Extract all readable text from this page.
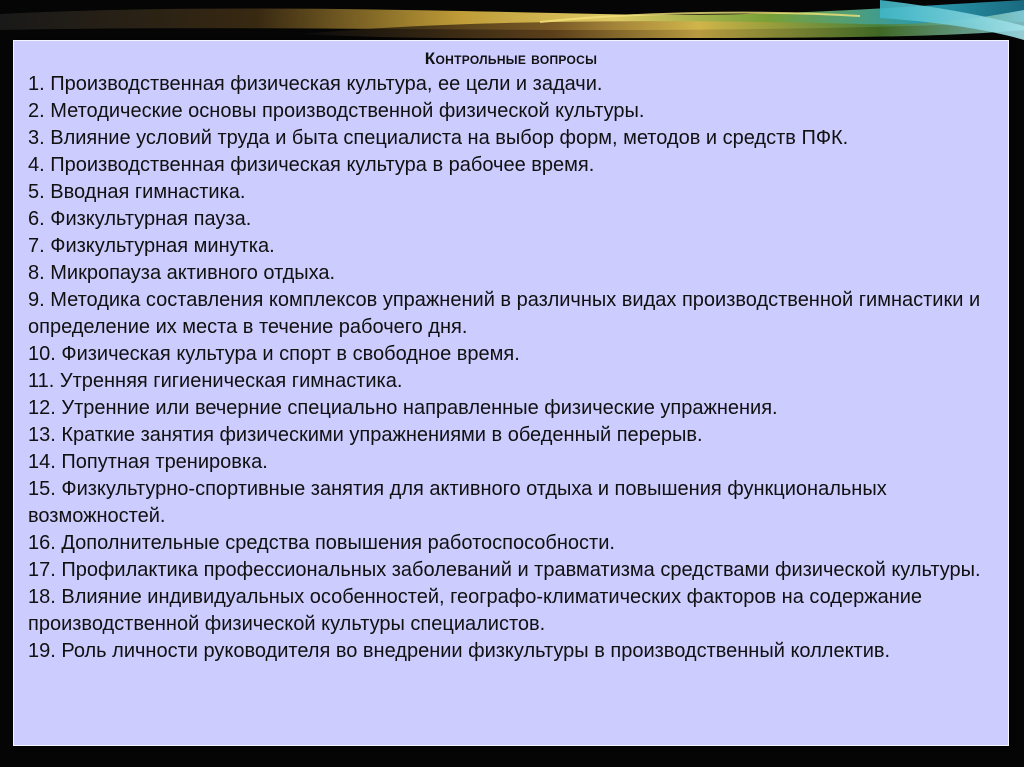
Контрольные вопросы
1. Производственная физическая культура, ее цели и задачи.
2. Методические основы производственной физической культуры.
3. Влияние условий труда и быта специалиста на выбор форм, методов и средств ПФК.
4. Производственная физическая культура в рабочее время.
5. Вводная гимнастика.
6. Физкультурная пауза.
7. Физкультурная минутка.
8. Микропауза активного отдыха.
9. Методика составления комплексов упражнений в различных видах производственной гимнастики и определение их места в течение рабочего дня.
10. Физическая культура и спорт в свободное время.
11. Утренняя гигиеническая гимнастика.
12. Утренние или вечерние специально направленные физические упражнения.
13. Краткие занятия физическими упражнениями в обеденный перерыв.
14. Попутная тренировка.
15. Физкультурно-спортивные занятия для активного отдыха и повышения функциональных возможностей.
16. Дополнительные средства повышения работоспособности.
17. Профилактика профессиональных заболеваний и травматизма средствами физической культуры.
18. Влияние индивидуальных особенностей, географо-климатических факторов на содержание производственной физической культуры специалистов.
19. Роль личности руководителя во внедрении физкультуры в производственный коллектив.
